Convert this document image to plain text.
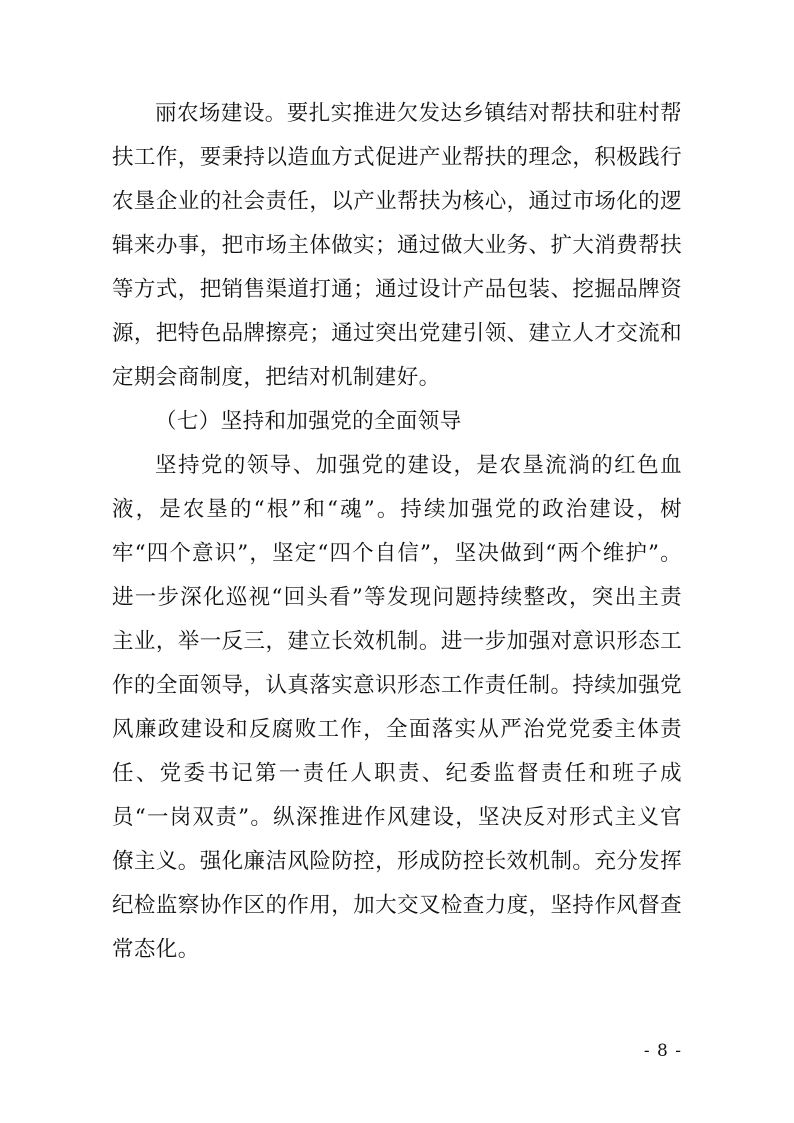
丽农场建设。要扎实推进欠发达乡镇结对帮扶和驻村帮扶工作，要秉持以造血方式促进产业帮扶的理念，积极践行农垦企业的社会责任，以产业帮扶为核心，通过市场化的逻辑来办事，把市场主体做实；通过做大业务、扩大消费帮扶等方式，把销售渠道打通；通过设计产品包装、挖掘品牌资源，把特色品牌擦亮；通过突出党建引领、建立人才交流和定期会商制度，把结对机制建好。

（七）坚持和加强党的全面领导

坚持党的领导、加强党的建设，是农垦流淌的红色血液，是农垦的“根”和“魂”。持续加强党的政治建设，树牢“四个意识”，坚定“四个自信”，坚决做到“两个维护”。进一步深化巡视“回头看”等发现问题持续整改，突出主责主业，举一反三，建立长效机制。进一步加强对意识形态工作的全面领导，认真落实意识形态工作责任制。持续加强党风廉政建设和反腐败工作，全面落实从严治党党委主体责任、党委书记第一责任人职责、纪委监督责任和班子成员“一岗双责”。纵深推进作风建设，坚决反对形式主义官僚主义。强化廉洁风险防控，形成防控长效机制。充分发挥纪检监察协作区的作用，加大交叉检查力度，坚持作风督查常态化。

- 8 -
